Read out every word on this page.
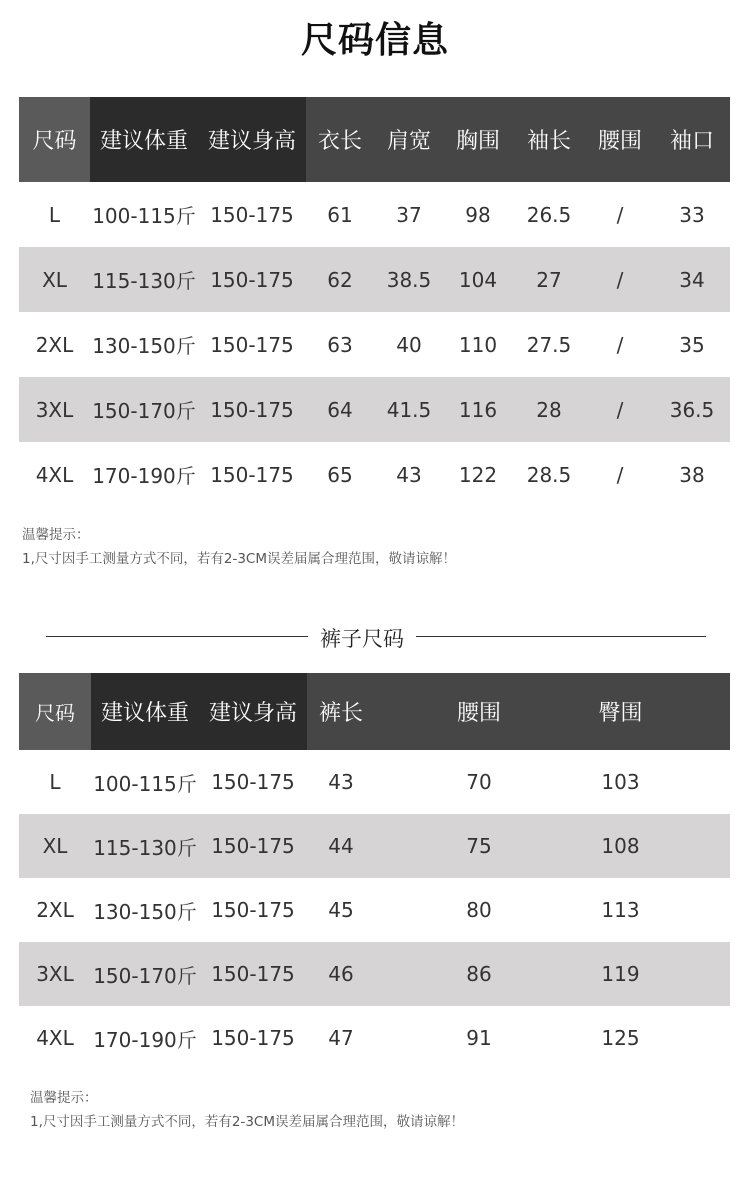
尺码信息
尺码	建议体重	建议身高	衣长	肩宽	胸围	袖长	腰围	袖口
L	100-115斤	150-175	61	37	98	26.5	/	33
XL	115-130斤	150-175	62	38.5	104	27	/	34
2XL	130-150斤	150-175	63	40	110	27.5	/	35
3XL	150-170斤	150-175	64	41.5	116	28	/	36.5
4XL	170-190斤	150-175	65	43	122	28.5	/	38
温馨提示：
1,尺寸因手工测量方式不同，若有2-3CM误差届属合理范围，敬请谅解！
裤子尺码
尺码	建议体重	建议身高	裤长	腰围	臀围	
L	100-115斤	150-175	43	70	103	
XL	115-130斤	150-175	44	75	108	
2XL	130-150斤	150-175	45	80	113	
3XL	150-170斤	150-175	46	86	119	
4XL	170-190斤	150-175	47	91	125	
温馨提示：
1,尺寸因手工测量方式不同，若有2-3CM误差届属合理范围，敬请谅解！
